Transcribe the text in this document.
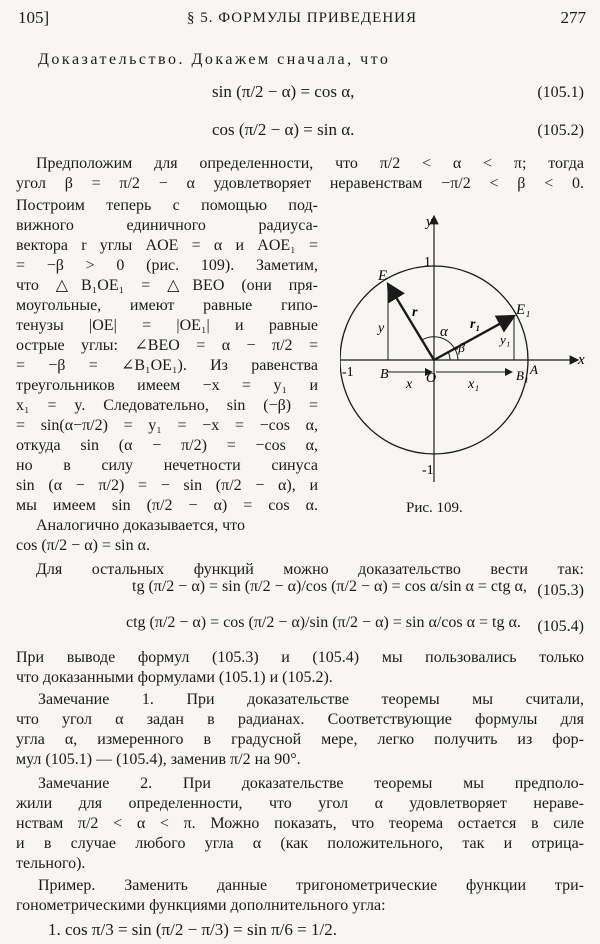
105]	§ 5. ФОРМУЛЫ ПРИВЕДЕНИЯ	277
Доказательство. Докажем сначала, что
sin (π/2 − α) = cos α,	(105.1)
cos (π/2 − α) = sin α.	(105.2)
Предположим для определенности, что π/2 < α < π; тогда
угол β = π/2 − α удовлетворяет неравенствам −π/2 < β < 0.
Построим теперь с помощью под-
вижного единичного радиуса-
вектора r углы AOE = α и AOE₁ =
= −β > 0 (рис. 109). Заметим,
что △B₁OE₁ = △BEO (они пря-
моугольные, имеют равные гипо-
тенузы |OE| = |OE₁| и равные
острые углы: ∠BEO = α − π/2 =
= −β = ∠B₁OE₁). Из равенства
треугольников имеем −x = y₁ и
x₁ = y. Следовательно, sin (−β) =
= sin(α−π/2) = y₁ = −x = −cos α,
откуда sin (α − π/2) = −cos α,
но в силу нечетности синуса
sin (α − π/2) = − sin (π/2 − α), и
мы имеем sin (π/2 − α) = cos α.
Аналогично доказывается, что
cos (π/2 − α) = sin α.
y
x
1
-1
-1
E
E₁
r
r₁
α
-β
y
y₁
B	O	B₁ A
x	x₁
Рис. 109.
Для остальных функций можно доказательство вести так:
tg (π/2 − α) = sin (π/2 − α)/cos (π/2 − α) = cos α/sin α = ctg α, (105.3)
ctg (π/2 − α) = cos (π/2 − α)/sin (π/2 − α) = sin α/cos α = tg α. (105.4)
При выводе формул (105.3) и (105.4) мы пользовались только
что доказанными формулами (105.1) и (105.2).
Замечание 1. При доказательстве теоремы мы считали,
что угол α задан в радианах. Соответствующие формулы для
угла α, измеренного в градусной мере, легко получить из фор-
мул (105.1) — (105.4), заменив π/2 на 90°.
Замечание 2. При доказательстве теоремы мы предполо-
жили для определенности, что угол α удовлетворяет нераве-
нствам π/2 < α < π. Можно показать, что теорема остается в силе
и в случае любого угла α (как положительного, так и отрица-
тельного).
Пример. Заменить данные тригонометрические функции три-
гонометрическими функциями дополнительного угла:
1. cos π/3 = sin (π/2 − π/3) = sin π/6 = 1/2.
